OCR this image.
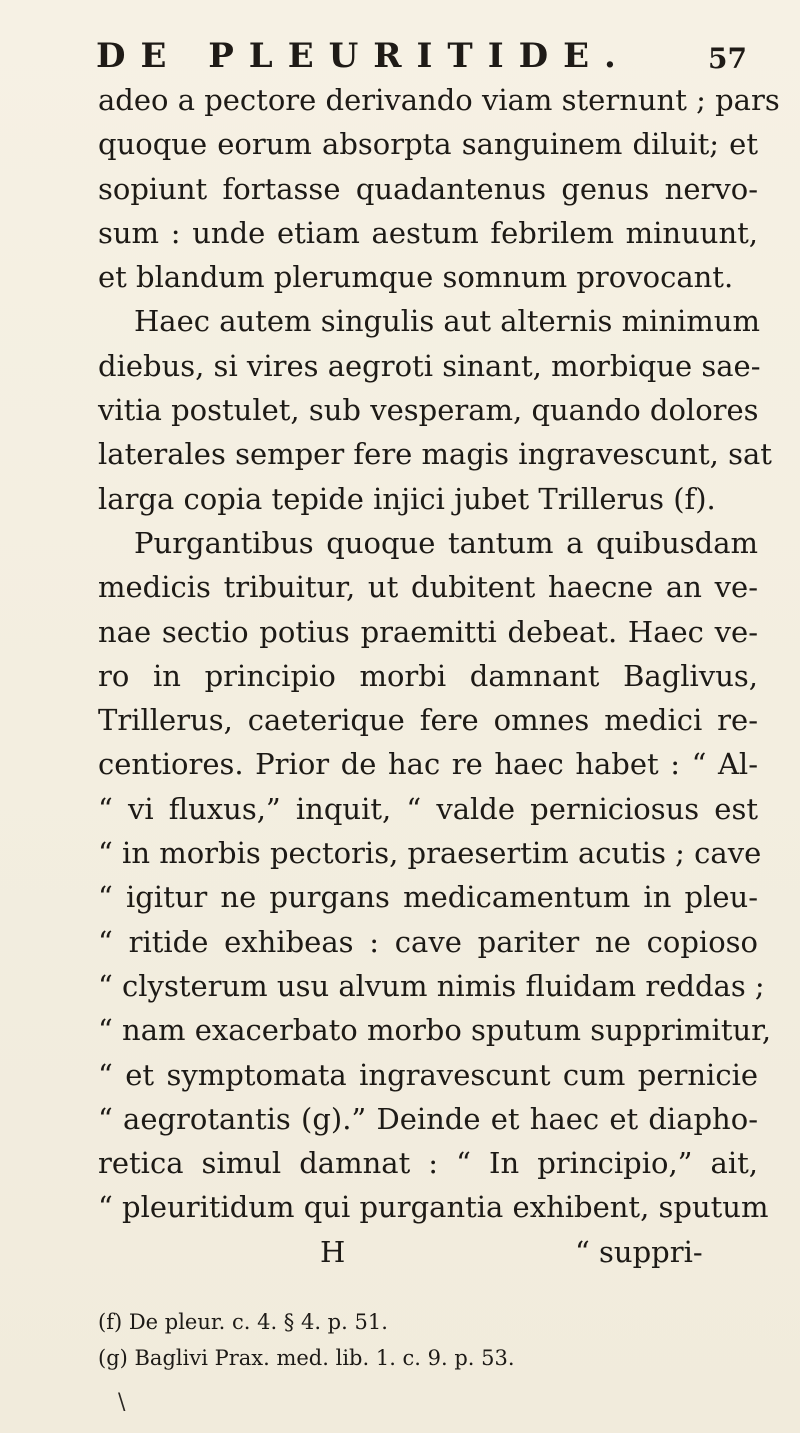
DE PLEURITIDE.	57
adeo a pectore derivando viam sternunt ; pars
quoque eorum absorpta sanguinem diluit; et
sopiunt fortasse quadantenus genus nervo-
sum : unde etiam aestum febrilem minuunt,
et blandum plerumque somnum provocant.
Haec autem singulis aut alternis minimum
diebus, si vires aegroti sinant, morbique sae-
vitia postulet, sub vesperam, quando dolores
laterales semper fere magis ingravescunt, sat
larga copia tepide injici jubet Trillerus (f).
Purgantibus quoque tantum a quibusdam
medicis tribuitur, ut dubitent haecne an ve-
nae sectio potius praemitti debeat. Haec ve-
ro in principio morbi damnant Baglivus,
Trillerus, caeterique fere omnes medici re-
centiores. Prior de hac re haec habet : “ Al-
“ vi fluxus,” inquit, “ valde perniciosus est
“ in morbis pectoris, praesertim acutis ; cave
“ igitur ne purgans medicamentum in pleu-
“ ritide exhibeas : cave pariter ne copioso
“ clysterum usu alvum nimis fluidam reddas ;
“ nam exacerbato morbo sputum supprimitur,
“ et symptomata ingravescunt cum pernicie
“ aegrotantis (g).” Deinde et haec et diapho-
retica simul damnat : “ In principio,” ait,
“ pleuritidum qui purgantia exhibent, sputum
H	“ suppri-
(f) De pleur. c. 4. § 4. p. 51.
(g) Baglivi Prax. med. lib. 1. c. 9. p. 53.
\
